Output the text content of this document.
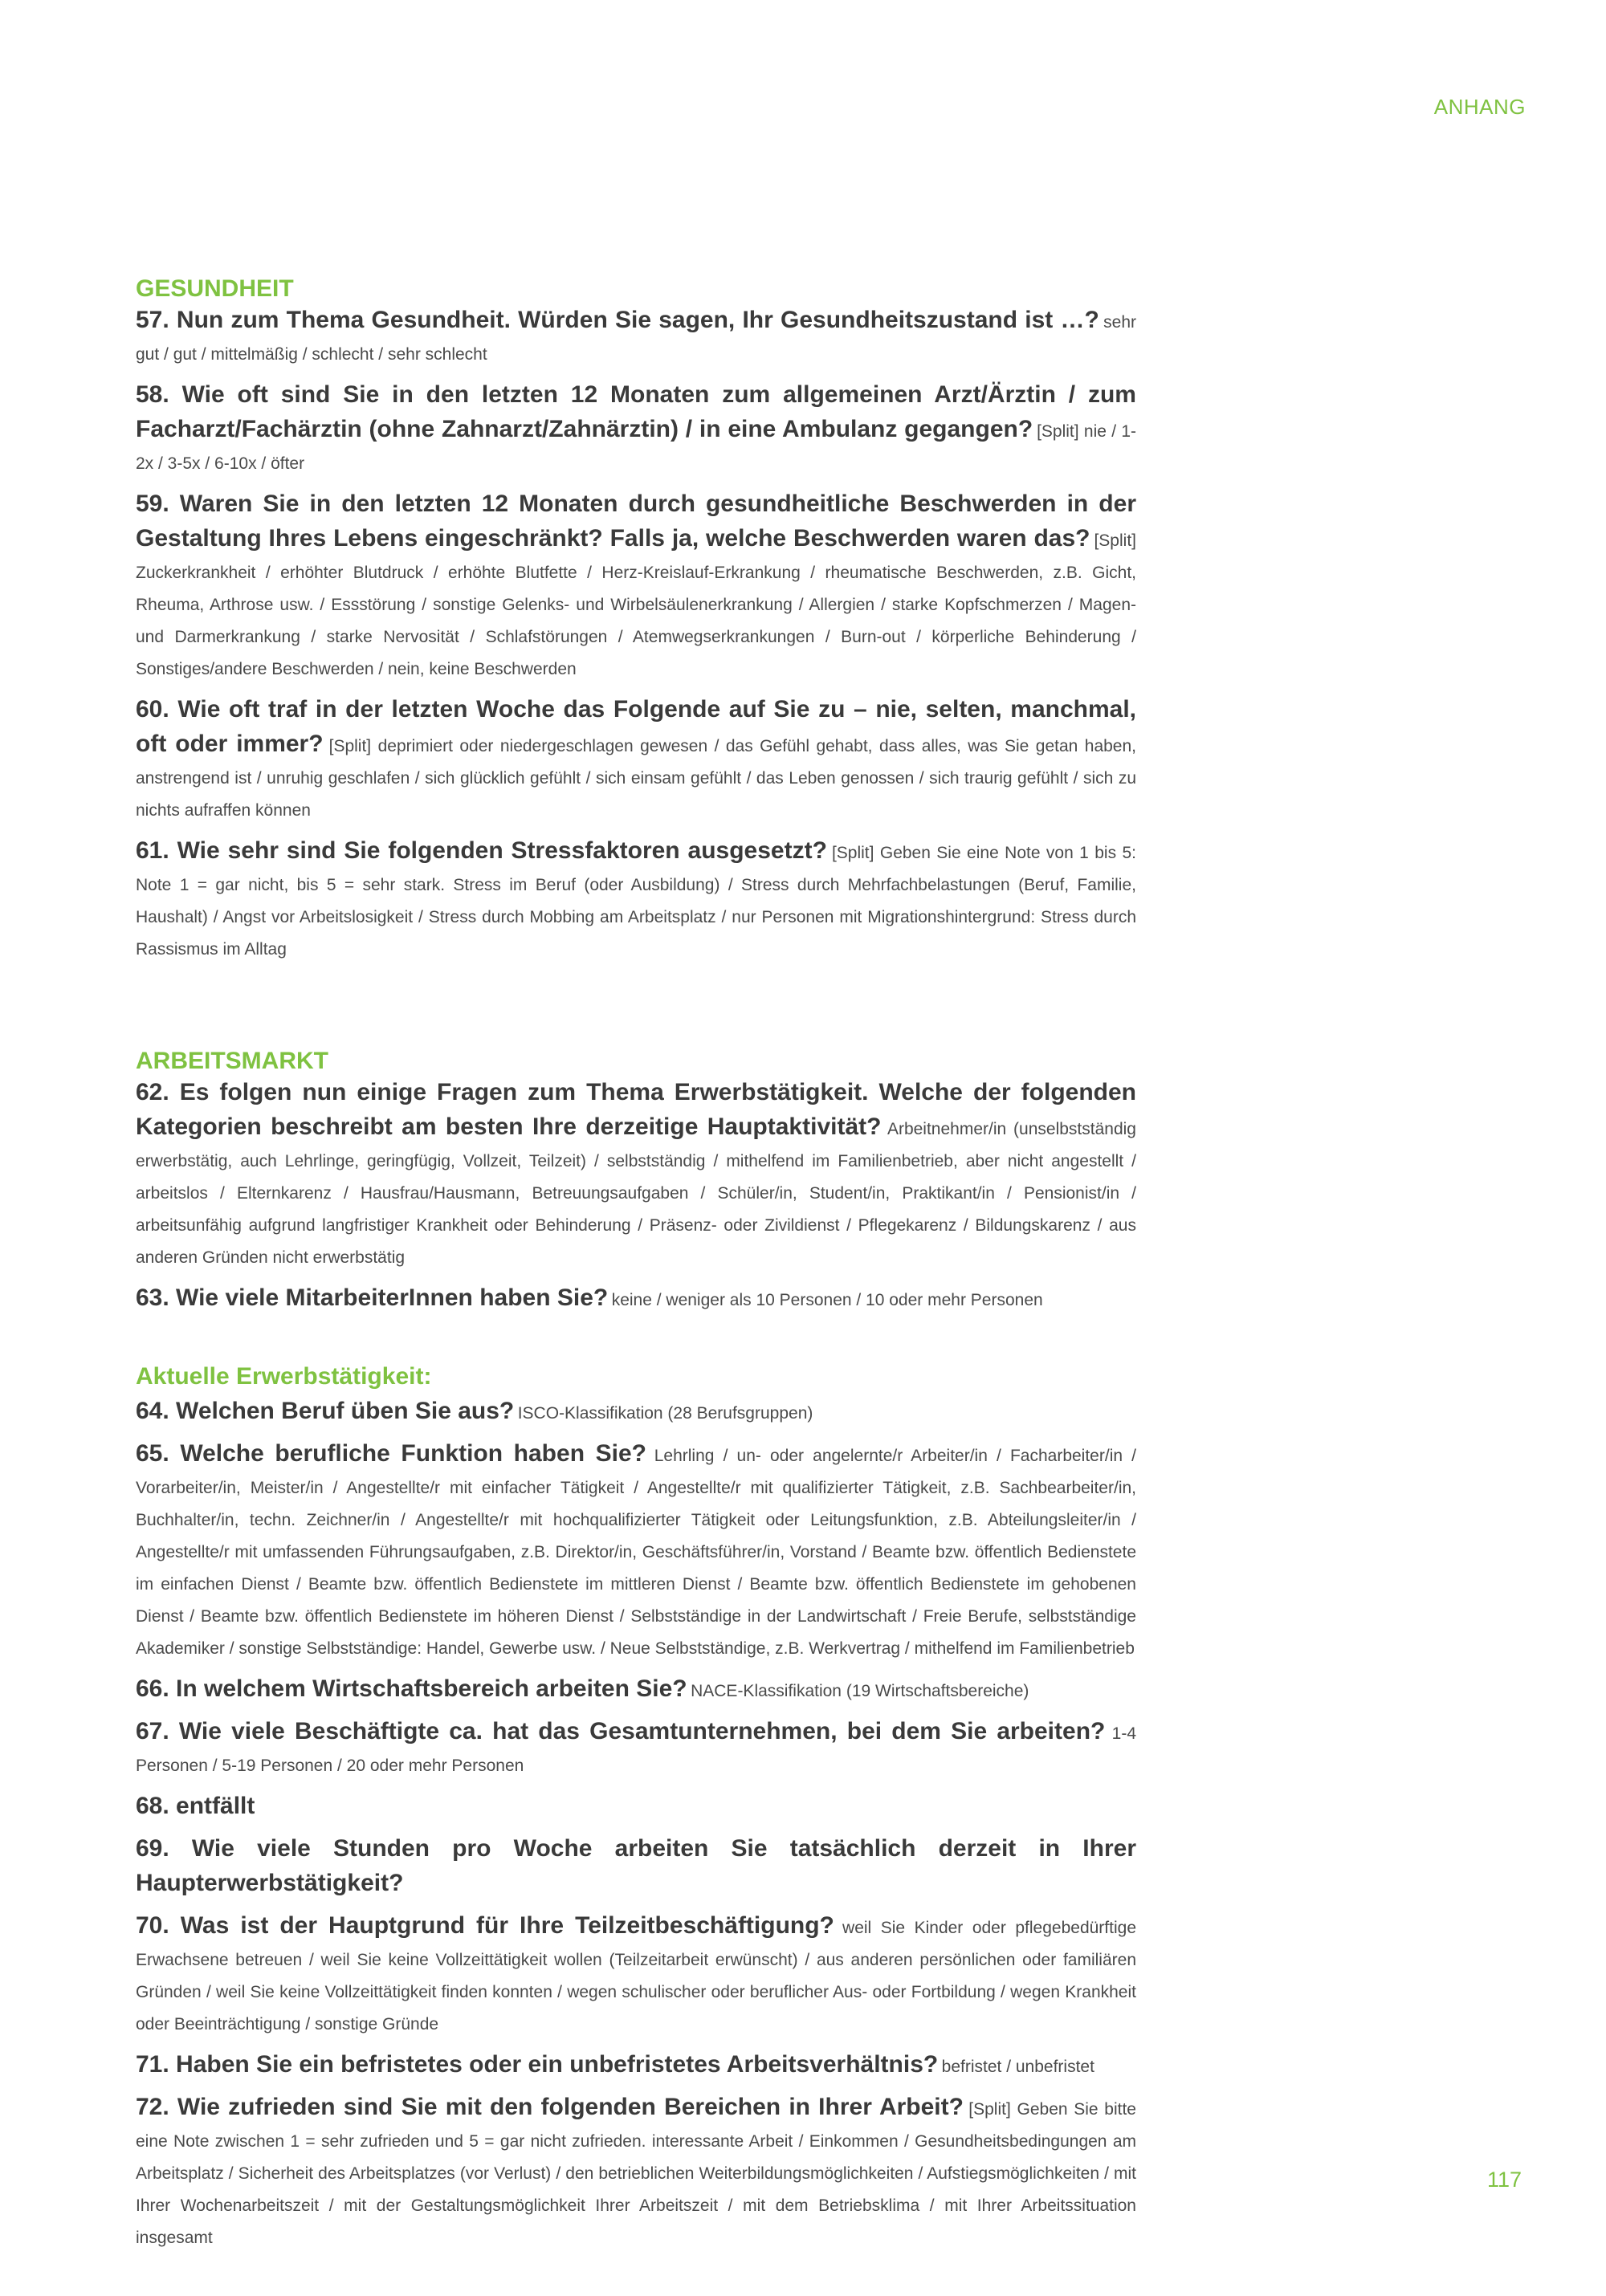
ANHANG
GESUNDHEIT

57. Nun zum Thema Gesundheit. Würden Sie sagen, Ihr Gesundheitszustand ist …? sehr gut / gut / mittelmäßig / schlecht / sehr schlecht

58. Wie oft sind Sie in den letzten 12 Monaten zum allgemeinen Arzt/Ärztin / zum Facharzt/Fachärztin (ohne Zahnarzt/Zahnärztin) / in eine Ambulanz gegangen? [Split] nie / 1-2x / 3-5x / 6-10x / öfter

59. Waren Sie in den letzten 12 Monaten durch gesundheitliche Beschwerden in der Gestaltung Ihres Lebens eingeschränkt? Falls ja, welche Beschwerden waren das? [Split] Zuckerkrankheit / erhöhter Blutdruck / erhöhte Blutfette / Herz-Kreislauf-Erkrankung / rheumatische Beschwerden, z.B. Gicht, Rheuma, Arthrose usw. / Essstörung / sonstige Gelenks- und Wirbelsäulenerkrankung / Allergien / starke Kopfschmerzen / Magen-und Darmerkrankung / starke Nervosität / Schlafstörungen / Atemwegserkrankungen / Burn-out / körperliche Behinderung / Sonstiges/andere Beschwerden / nein, keine Beschwerden

60. Wie oft traf in der letzten Woche das Folgende auf Sie zu – nie, selten, manchmal, oft oder immer? [Split] deprimiert oder niedergeschlagen gewesen / das Gefühl gehabt, dass alles, was Sie getan haben, anstrengend ist / unruhig geschlafen / sich glücklich gefühlt / sich einsam gefühlt / das Leben genossen / sich traurig gefühlt / sich zu nichts aufraffen können

61. Wie sehr sind Sie folgenden Stressfaktoren ausgesetzt? [Split] Geben Sie eine Note von 1 bis 5: Note 1 = gar nicht, bis 5 = sehr stark. Stress im Beruf (oder Ausbildung) / Stress durch Mehrfachbelastungen (Beruf, Familie, Haushalt) / Angst vor Arbeitslosigkeit / Stress durch Mobbing am Arbeitsplatz / nur Personen mit Migrationshintergrund: Stress durch Rassismus im Alltag

ARBEITSMARKT

62. Es folgen nun einige Fragen zum Thema Erwerbstätigkeit. Welche der folgenden Kategorien beschreibt am besten Ihre derzeitige Hauptaktivität? Arbeitnehmer/in (unselbstständig erwerbstätig, auch Lehrlinge, geringfügig, Vollzeit, Teilzeit) / selbstständig / mithelfend im Familienbetrieb, aber nicht angestellt / arbeitslos / Elternkarenz / Hausfrau/Hausmann, Betreuungsaufgaben / Schüler/in, Student/in, Praktikant/in / Pensionist/in / arbeitsunfähig aufgrund langfristiger Krankheit oder Behinderung / Präsenz- oder Zivildienst / Pflegekarenz / Bildungskarenz / aus anderen Gründen nicht erwerbstätig

63. Wie viele MitarbeiterInnen haben Sie? keine / weniger als 10 Personen / 10 oder mehr Personen

Aktuelle Erwerbstätigkeit:

64. Welchen Beruf üben Sie aus? ISCO-Klassifikation (28 Berufsgruppen)

65. Welche berufliche Funktion haben Sie? Lehrling / un- oder angelernte/r Arbeiter/in / Facharbeiter/in / Vorarbeiter/in, Meister/in / Angestellte/r mit einfacher Tätigkeit / Angestellte/r mit qualifizierter Tätigkeit, z.B. Sachbearbeiter/in, Buchhalter/in, techn. Zeichner/in / Angestellte/r mit hochqualifizierter Tätigkeit oder Leitungsfunktion, z.B. Abteilungsleiter/in / Angestellte/r mit umfassenden Führungsaufgaben, z.B. Direktor/in, Geschäftsführer/in, Vorstand / Beamte bzw. öffentlich Bedienstete im einfachen Dienst / Beamte bzw. öffentlich Bedienstete im mittleren Dienst / Beamte bzw. öffentlich Bedienstete im gehobenen Dienst / Beamte bzw. öffentlich Bedienstete im höheren Dienst / Selbstständige in der Landwirtschaft / Freie Berufe, selbstständige Akademiker / sonstige Selbstständige: Handel, Gewerbe usw. / Neue Selbstständige, z.B. Werkvertrag / mithelfend im Familienbetrieb

66. In welchem Wirtschaftsbereich arbeiten Sie? NACE-Klassifikation (19 Wirtschaftsbereiche)

67. Wie viele Beschäftigte ca. hat das Gesamtunternehmen, bei dem Sie arbeiten? 1-4 Personen / 5-19 Personen / 20 oder mehr Personen

68. entfällt

69. Wie viele Stunden pro Woche arbeiten Sie tatsächlich derzeit in Ihrer Haupterwerbstätigkeit?

70. Was ist der Hauptgrund für Ihre Teilzeitbeschäftigung? weil Sie Kinder oder pflegebedürftige Erwachsene betreuen / weil Sie keine Vollzeittätigkeit wollen (Teilzeitarbeit erwünscht) / aus anderen persönlichen oder familiären Gründen / weil Sie keine Vollzeittätigkeit finden konnten / wegen schulischer oder beruflicher Aus- oder Fortbildung / wegen Krankheit oder Beeinträchtigung / sonstige Gründe

71. Haben Sie ein befristetes oder ein unbefristetes Arbeitsverhältnis? befristet / unbefristet

72. Wie zufrieden sind Sie mit den folgenden Bereichen in Ihrer Arbeit? [Split] Geben Sie bitte eine Note zwischen 1 = sehr zufrieden und 5 = gar nicht zufrieden. interessante Arbeit / Einkommen / Gesundheitsbedingungen am Arbeitsplatz / Sicherheit des Arbeitsplatzes (vor Verlust) / den betrieblichen Weiterbildungsmöglichkeiten / Aufstiegsmöglichkeiten / mit Ihrer Wochenarbeitszeit / mit der Gestaltungsmöglichkeit Ihrer Arbeitszeit / mit dem Betriebsklima / mit Ihrer Arbeitssituation insgesamt

117
